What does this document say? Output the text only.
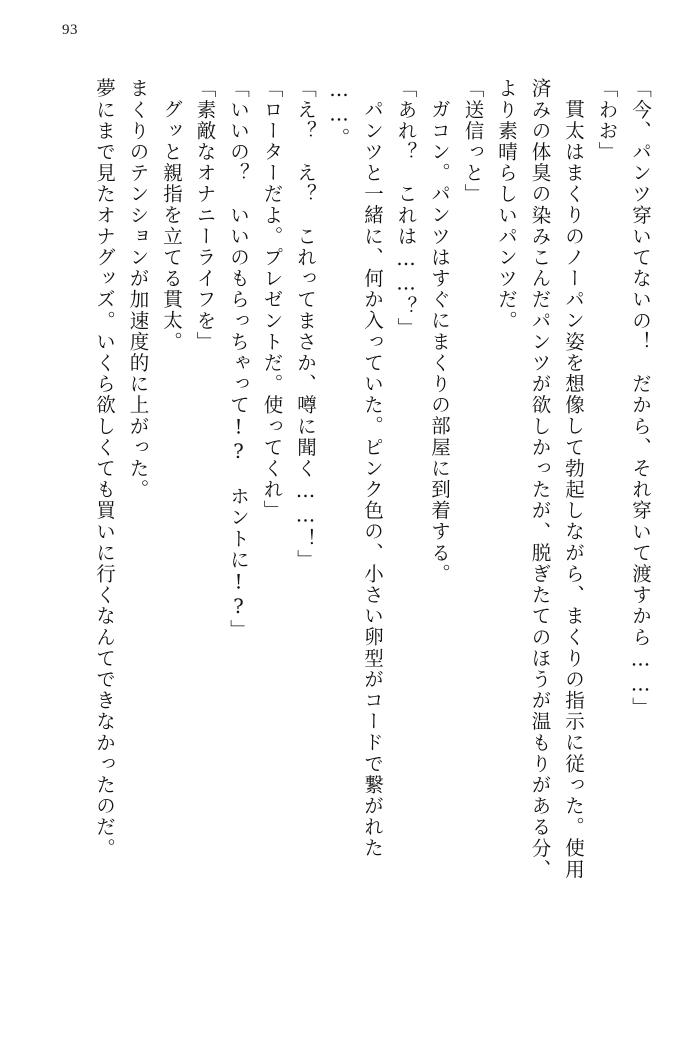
93
「今、パンツ穿いてないの！　だから、それ穿いて渡すから……」
「わお」
貫太はまくりのノーパン姿を想像して勃起しながら、まくりの指示に従った。使用
済みの体臭の染みこんだパンツが欲しかったが、脱ぎたてのほうが温もりがある分、
より素晴らしいパンツだ。
「送信っと」
ガコン。パンツはすぐにまくりの部屋に到着する。
「あれ？　これは……？」
パンツと一緒に、何か入っていた。ピンク色の、小さい卵型がコードで繋がれた
……。
「え？　え？　これってまさか、噂に聞く……！」
「ローターだよ。プレゼントだ。使ってくれ」
「いいの？　いいのもらっちゃって!?　ホントに!?」
「素敵なオナニーライフを」
グッと親指を立てる貫太。
まくりのテンションが加速度的に上がった。
夢にまで見たオナグッズ。いくら欲しくても買いに行くなんてできなかったのだ。
